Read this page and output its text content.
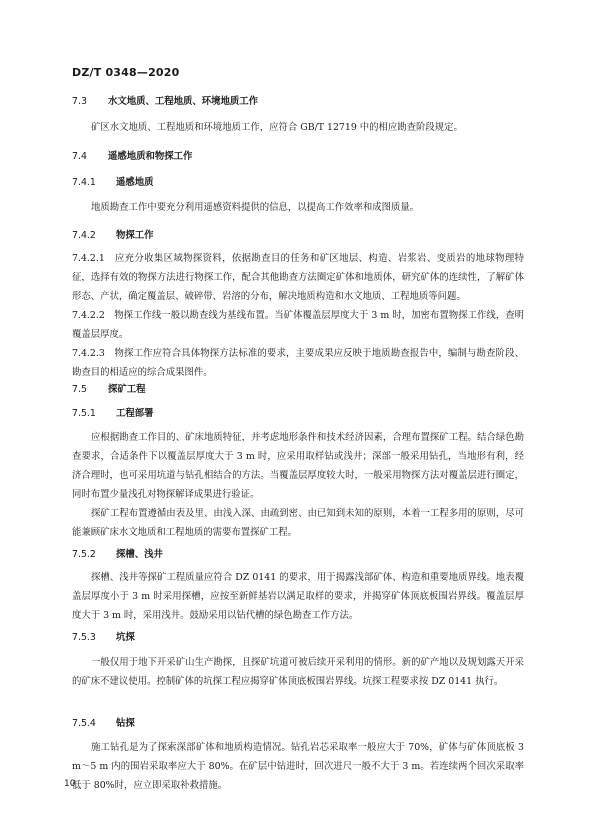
DZ/T 0348—2020
7.3 水文地质、工程地质、环境地质工作
矿区水文地质、工程地质和环境地质工作，应符合 GB/T 12719 中的相应勘查阶段规定。
7.4 遥感地质和物探工作
7.4.1 遥感地质
地质勘查工作中要充分利用遥感资料提供的信息，以提高工作效率和成图质量。
7.4.2 物探工作
7.4.2.1　应充分收集区域物探资料，依据勘查目的任务和矿区地层、构造、岩浆岩、变质岩的地球物理特征，选择有效的物探方法进行物探工作，配合其他勘查方法圈定矿体和地质体，研究矿体的连续性，了解矿体形态、产状，确定覆盖层、破碎带、岩溶的分布，解决地质构造和水文地质、工程地质等问题。
7.4.2.2　物探工作线一般以勘查线为基线布置。当矿体覆盖层厚度大于 3 m 时，加密布置物探工作线，查明覆盖层厚度。
7.4.2.3　物探工作应符合具体物探方法标准的要求，主要成果应反映于地质勘查报告中，编制与勘查阶段、勘查目的相适应的综合成果图件。
7.5 探矿工程
7.5.1 工程部署
应根据勘查工作目的、矿床地质特征，并考虑地形条件和技术经济因素，合理布置探矿工程。结合绿色勘查要求，合适条件下以覆盖层厚度大于 3 m 时，应采用取样钻或浅井；深部一般采用钻孔，当地形有利，经济合理时，也可采用坑道与钻孔相结合的方法。当覆盖层厚度较大时，一般采用物探方法对覆盖层进行圈定，同时布置少量浅孔对物探解译成果进行验证。
探矿工程布置遵循由表及里、由浅入深、由疏到密、由已知到未知的原则，本着一工程多用的原则，尽可能兼顾矿床水文地质和工程地质的需要布置探矿工程。
7.5.2 探槽、浅井
探槽、浅井等探矿工程质量应符合 DZ 0141 的要求，用于揭露浅部矿体、构造和重要地质界线。地表覆盖层厚度小于 3 m 时采用探槽，应按至新鲜基岩以满足取样的要求，并揭穿矿体顶底板围岩界线。覆盖层厚度大于 3 m 时，采用浅井。鼓励采用以钻代槽的绿色勘查工作方法。
7.5.3 坑探
一般仅用于地下开采矿山生产勘探，且探矿坑道可被后续开采利用的情形。新的矿产地以及规划露天开采的矿床不建议使用。控制矿体的坑探工程应揭穿矿体顶底板围岩界线。坑探工程要求按 DZ 0141 执行。
7.5.4 钻探
施工钻孔是为了探索深部矿体和地质构造情况。钻孔岩芯采取率一般应大于 70%，矿体与矿体顶底板 3 m～5 m 内的围岩采取率应大于 80%。在矿层中钻进时，回次进尺一般不大于 3 m。若连续两个回次采取率低于 80%时，应立即采取补救措施。
10
